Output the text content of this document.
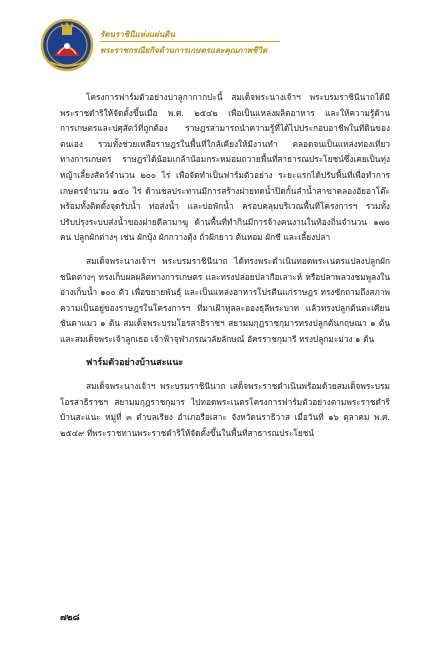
รัตนราชินีแห่งแผ่นดิน
พระราชกรณียกิจด้านการเกษตรและคุณภาพชีวิต

โครงการฟาร์มตัวอย่างบาลูกากากปะนี้ สมเด็จพระนางเจ้าฯ พระบรมราชินีนาถได้มีพระราชดำริให้จัดตั้งขึ้นเมื่อ พ.ศ. ๒๕๔๒ เพื่อเป็นแหล่งผลิตอาหาร และให้ความรู้ด้านการเกษตรและปศุสัตว์ที่ถูกต้อง ราษฎรสามารถนำความรู้ที่ได้ไปประกอบอาชีพในที่ดินของตนเอง รวมทั้งช่วยเหลือราษฎรในพื้นที่ใกล้เคียงให้มีงานทำ ตลอดจนเป็นแหล่งท่องเที่ยวทางการเกษตร ราษฎรได้น้อมเกล้าน้อมกระหม่อมถวายพื้นที่สาธารณประโยชน์ซึ่งเคยเป็นทุ่งหญ้าเลี้ยงสัตว์จำนวน ๒๐๐ ไร่ เพื่อจัดทำเป็นฟาร์มตัวอย่าง ระยะแรกได้ปรับพื้นที่เพื่อทำการเกษตรจำนวน ๑๕๐ ไร่ ด้านชลประทานมีการสร้างฝายทดน้ำปิดกั้นลำน้ำสาขาคลองอัยอาโต๊ะ พร้อมทั้งติดตั้งจุดรับน้ำ ท่อส่งน้ำ และบ่อพักน้ำ ครอบคลุมบริเวณพื้นที่โครงการฯ รวมทั้งปรับปรุงระบบส่งน้ำของฝายดีลามาฆู ด้านพื้นที่ทำกินมีการจ้างคนงานในท้องถิ่นจำนวน ๑๗๐ คน ปลูกผักต่างๆ เช่น ผักบุ้ง ผักกวางตุ้ง ถั่วฝักยาว ต้นหอม ผักชี และเลี้ยงปลา

สมเด็จพระนางเจ้าฯ พระบรมราชินีนาถ ได้ทรงพระดำเนินทอดพระเนตรแปลงปลูกผักชนิดต่างๆ ทรงเก็บผลผลิตทางการเกษตร และทรงปล่อยปลากือเลาะห์ หรือปลาพลวงชมพูลงในอ่างเก็บน้ำ ๑๐๐ ตัว เพื่อขยายพันธุ์ และเป็นแหล่งอาหารโปรตีนแก่ราษฎร ทรงซักถามถึงสภาพความเป็นอยู่ของราษฎรในโครงการฯ ที่มาเฝ้าทูลละอองธุลีพระบาท แล้วทรงปลูกต้นตะเคียนชันตาแมว ๑ ต้น สมเด็จพระบรมโอรสาธิราชฯ สยามมกุฎราชกุมารทรงปลูกต้นกฤษณา ๑ ต้น และสมเด็จพระเจ้าลูกเธอ เจ้าฟ้าจุฬาภรณวลัยลักษณ์ อัครราชกุมารี ทรงปลูกมะม่วง ๑ ต้น

ฟาร์มตัวอย่างบ้านสะแนะ

สมเด็จพระนางเจ้าฯ พระบรมราชินีนาถ เสด็จพระราชดำเนินพร้อมด้วยสมเด็จพระบรมโอรสาธิราชฯ สยามมกุฎราชกุมาร ไปทอดพระเนตรโครงการฟาร์มตัวอย่างตามพระราชดำริบ้านสะแนะ หมู่ที่ ๓ ตำบลเรียง อำเภอรือเสาะ จังหวัดนราธิวาส เมื่อวันที่ ๑๖ ตุลาคม พ.ศ. ๒๕๔๙ ที่พระราชทานพระราชดำริให้จัดตั้งขึ้นในพื้นที่สาธารณประโยชน์

๗๒๘
